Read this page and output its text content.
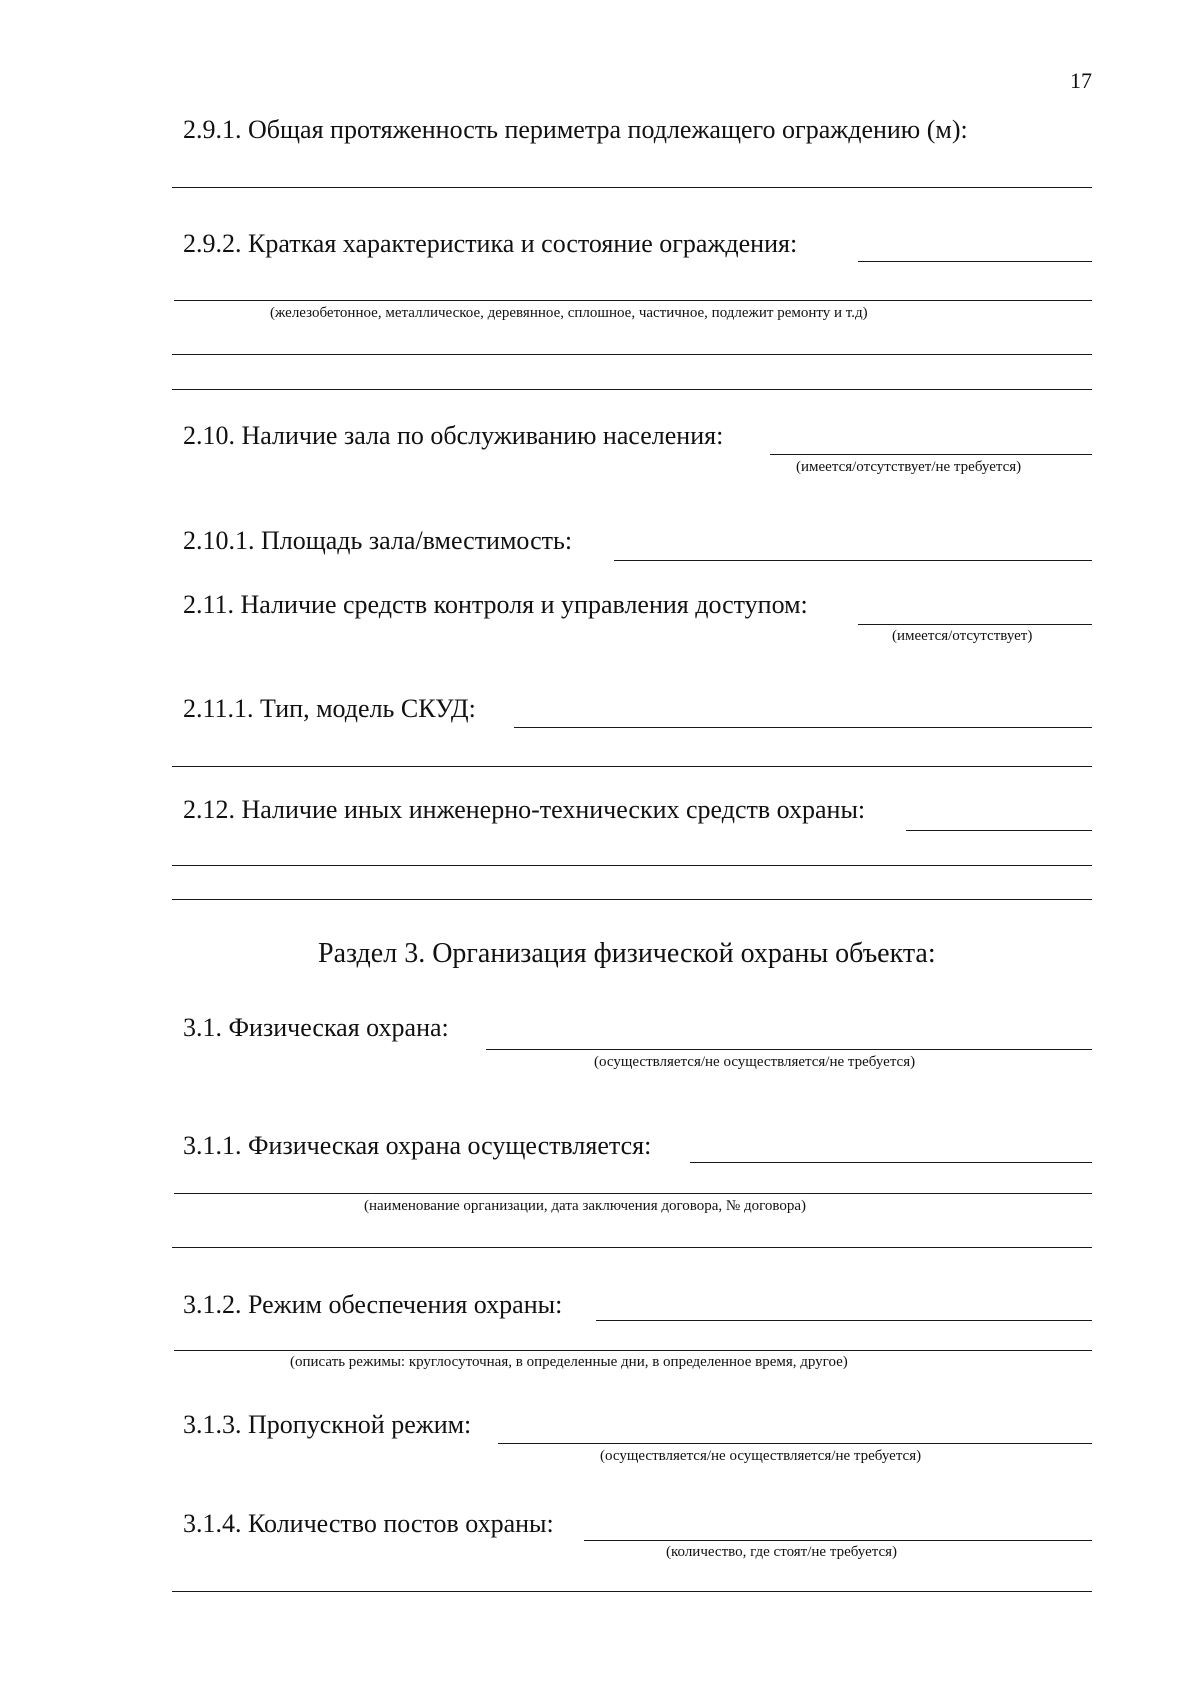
17
2.9.1. Общая протяженность периметра подлежащего ограждению (м):
2.9.2. Краткая характеристика и состояние ограждения:
(железобетонное, металлическое, деревянное, сплошное, частичное, подлежит ремонту и т.д)
2.10. Наличие зала по обслуживанию населения:
(имеется/отсутствует/не требуется)
2.10.1. Площадь зала/вместимость:
2.11. Наличие средств контроля и управления доступом:
(имеется/отсутствует)
2.11.1. Тип, модель СКУД:
2.12. Наличие иных инженерно-технических средств охраны:
Раздел 3. Организация физической охраны объекта:
3.1. Физическая охрана:
(осуществляется/не осуществляется/не требуется)
3.1.1. Физическая охрана осуществляется:
(наименование организации, дата заключения договора, № договора)
3.1.2. Режим обеспечения охраны:
(описать режимы: круглосуточная, в определенные дни, в определенное время, другое)
3.1.3. Пропускной режим:
(осуществляется/не осуществляется/не требуется)
3.1.4. Количество постов охраны:
(количество, где стоят/не требуется)
